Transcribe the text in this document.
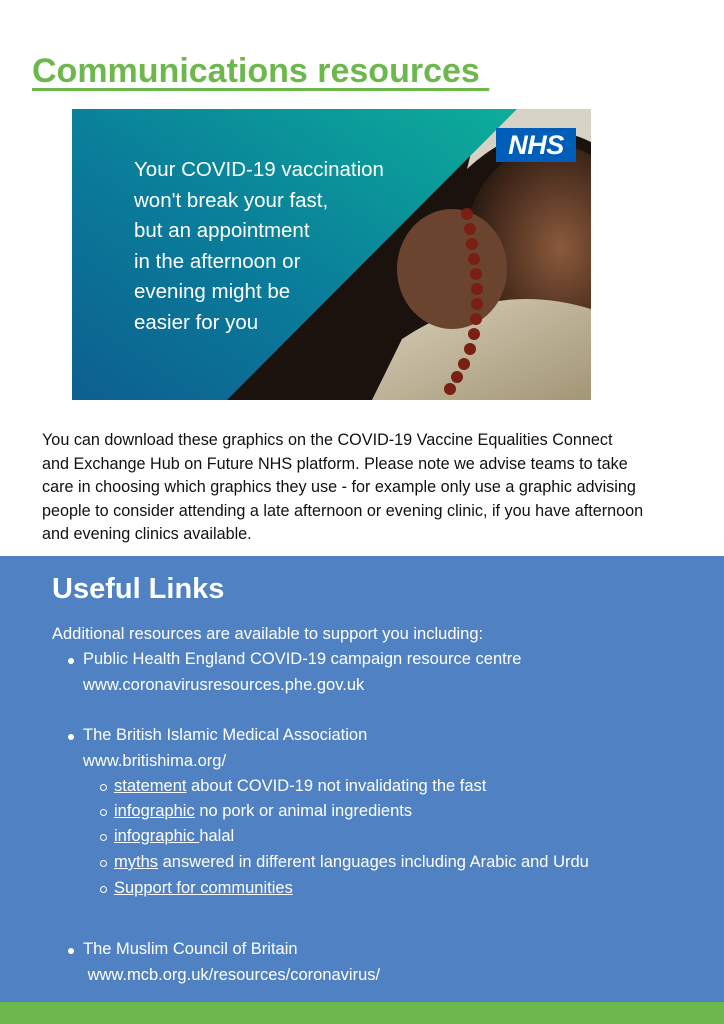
Communications resources
Your COVID-19 vaccination
won't break your fast,
but an appointment
in the afternoon or
evening might be
easier for you
NHS

You can download these graphics on the COVID-19 Vaccine Equalities Connect
and Exchange Hub on Future NHS platform. Please note we advise teams to take
care in choosing which graphics they use - for example only use a graphic advising
people to consider attending a late afternoon or evening clinic, if you have afternoon
and evening clinics available.

Useful Links
Additional resources are available to support you including:
Public Health England COVID-19 campaign resource centre
www.coronavirusresources.phe.gov.uk
The British Islamic Medical Association
www.britishima.org/
statement about COVID-19 not invalidating the fast
infographic no pork or animal ingredients
infographic halal
myths answered in different languages including Arabic and Urdu
Support for communities
The Muslim Council of Britain
www.mcb.org.uk/resources/coronavirus/
